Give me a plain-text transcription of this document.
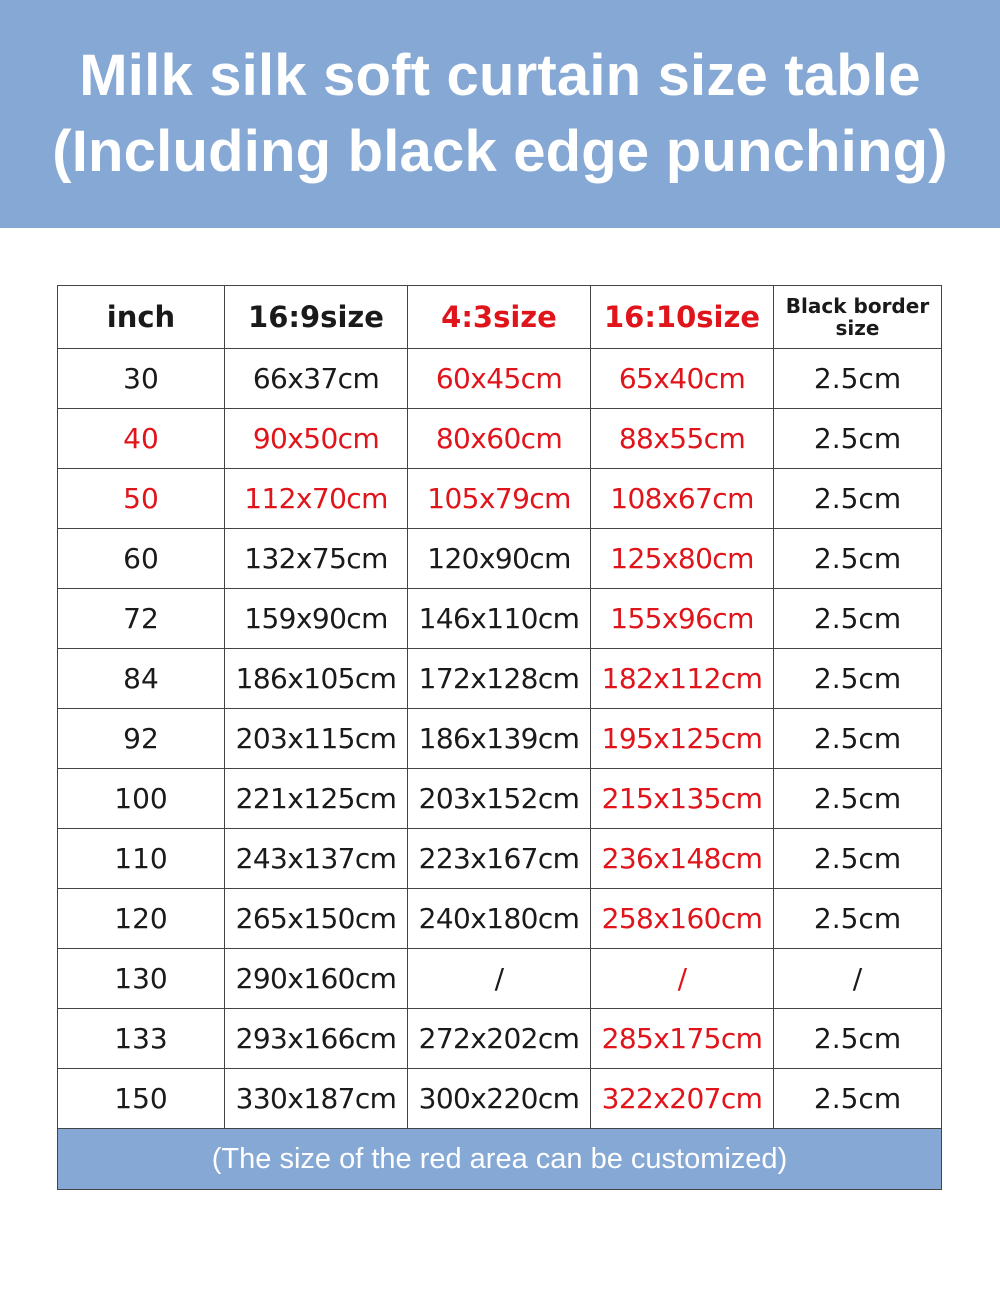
Milk silk soft curtain size table
(Including black edge punching)
inch	16:9size	4:3size	16:10size	Black border size
30	66x37cm	60x45cm	65x40cm	2.5cm
40	90x50cm	80x60cm	88x55cm	2.5cm
50	112x70cm	105x79cm	108x67cm	2.5cm
60	132x75cm	120x90cm	125x80cm	2.5cm
72	159x90cm	146x110cm	155x96cm	2.5cm
84	186x105cm	172x128cm	182x112cm	2.5cm
92	203x115cm	186x139cm	195x125cm	2.5cm
100	221x125cm	203x152cm	215x135cm	2.5cm
110	243x137cm	223x167cm	236x148cm	2.5cm
120	265x150cm	240x180cm	258x160cm	2.5cm
130	290x160cm	/	/	/
133	293x166cm	272x202cm	285x175cm	2.5cm
150	330x187cm	300x220cm	322x207cm	2.5cm
(The size of the red area can be customized)				
